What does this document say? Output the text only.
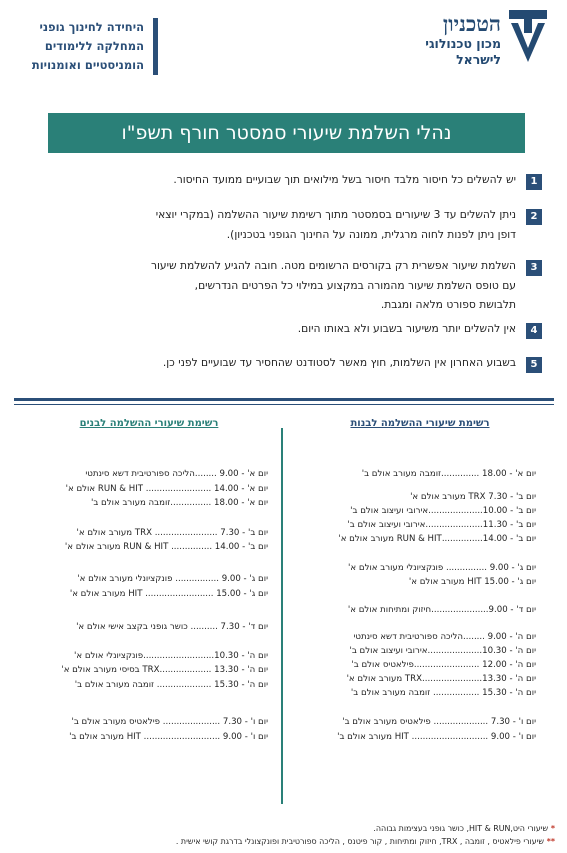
הטכניון
מכון טכנולוגי
לישראל
היחידה לחינוך גופני
המחלקה ללימודים
הומניסטיים ואומנויות
נהלי השלמת שיעורי סמסטר חורף תשפ"ו
1
יש להשלים כל חיסור מלבד חיסור בשל מילואים תוך שבועיים ממועד החיסור.
2
ניתן להשלים עד 3 שיעורים בסמסטר מתוך רשימת שיעור ההשלמה (במקרי יוצאי
דופן ניתן לפנות לחוה מרגלית, ממונה על החינוך הגופני בטכניון).
3
השלמת שיעור אפשרית רק בקורסים הרשומים מטה. חובה להגיע להשלמת שיעור
עם טופס השלמת שיעור מהמורה במקצוע במילוי כל הפרטים הנדרשים,
תלבושת ספורט מלאה ומגבת.
4
אין להשלים יותר משיעור בשבוע ולא באותו היום.
5
בשבוע האחרון אין השלמות, חוץ מאשר לסטודנט שהחסיר עד שבועיים לפני כן.
רשימת שיעורי ההשלמה לבנות
יום א' - 18.00 ..............זומבה מעורב אולם ב'
יום ב' - 7.30 TRX מעורב אולם א'
יום ב' - 10.00....................אירובי ועיצוב אולם ב'
יום ב' - 11.30.....................אירובי ועיצוב אולם ב'
יום ב' - 14.00...............RUN & HIT מעורב אולם א'
יום ג' - 9.00 ............... פונקציונלי מעורב אולם א'
יום ג' - 15.00 HIT מעורב אולם א'
יום ד' - 9.00.....................חיזוק ומתיחות אולם א'
יום ה' - 9.00 ........הליכה ספורטיבית דשא סינתטי
יום ה' - 10.30....................אירובי ועיצוב אולם ב'
יום ה' - 12.00 ........................פילאטיס אולם ב'
יום ה' - 13.30......................TRX מעורב אולם א'
יום ה' - 15.30 ................. זומבה מעורב אולם ב'
יום ו' - 7.30 .................... פילאטיס מעורב אולם ב'
יום ו' - 9.00 ............................ HIT מעורב אולם ב'
רשימת שיעורי ההשלמה לבנים
יום א' - 9.00 ........הליכה ספורטיבית דשא סינתטי
יום א' - 14.00 ........................ RUN & HIT אולם א'
יום א' - 18.00 ...............זומבה מעורב אולם ב'
יום ב' - 7.30 ....................... TRX מעורב אולם א'
יום ב' - 14.00 ............... RUN & HIT מעורב אולם א'
יום ג' - 9.00 ................ פונקציונלי מעורב אולם א'
יום ג' - 15.00 ......................... HIT מעורב אולם א'
יום ד' - 7.30 .......... כושר גופני בקצב אישי אולם א'
יום ה' - 10.30..........................פונקציונלי אולם א'
יום ה' - 13.30 ...................TRX בסיסי מעורב אולם א'
יום ה' - 15.30 .................... זומבה מעורב אולם ב'
יום ו' - 7.30 ..................... פילאטיס מעורב אולם ב'
יום ו' - 9.00 ............................ HIT מעורב אולם ב'
* שיעורי היט,HIT & RUN, כושר גופני בעצימות גבוהה.
** שיעורי פילאטיס , זומבה , TRX, חיזוק ומתיחות , קור פיטנס , הליכה ספורטיבית ופונקצונלי בדרגת קושי אישית .
